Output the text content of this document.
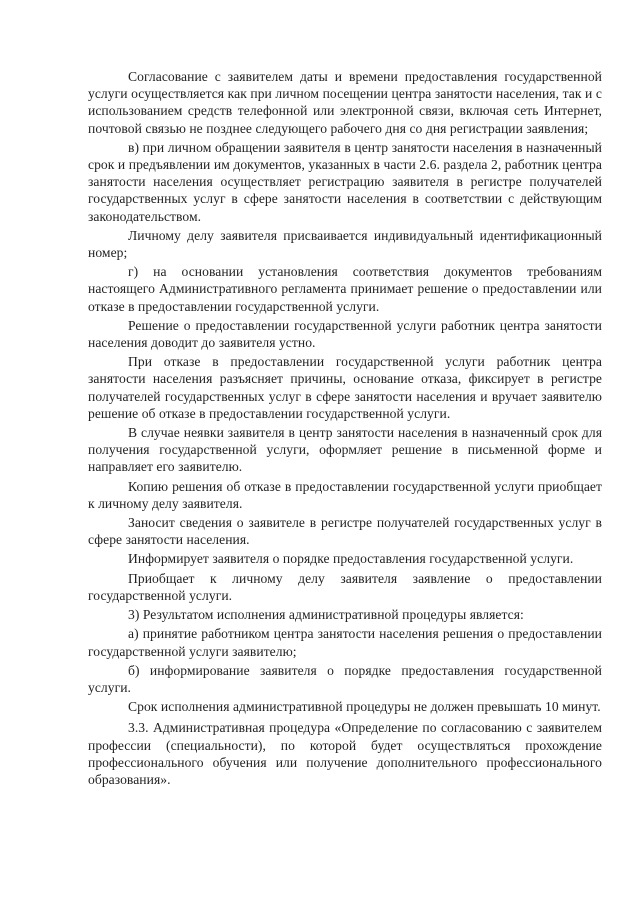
Согласование с заявителем даты и времени предоставления государственной услуги осуществляется как при личном посещении центра занятости населения, так и с использованием средств телефонной или электронной связи, включая сеть Интернет, почтовой связью не позднее следующего рабочего дня со дня регистрации заявления;

в) при личном обращении заявителя в центр занятости населения в назначенный срок и предъявлении им документов, указанных в части 2.6. раздела 2, работник центра занятости населения осуществляет регистрацию заявителя в регистре получателей государственных услуг в сфере занятости населения в соответствии с действующим законодательством.

Личному делу заявителя присваивается индивидуальный идентификационный номер;

г) на основании установления соответствия документов требованиям настоящего Административного регламента принимает решение о предоставлении или отказе в предоставлении государственной услуги.

Решение о предоставлении государственной услуги работник центра занятости населения доводит до заявителя устно.

При отказе в предоставлении государственной услуги работник центра занятости населения разъясняет причины, основание отказа, фиксирует в регистре получателей государственных услуг в сфере занятости населения и вручает заявителю решение об отказе в предоставлении государственной услуги.

В случае неявки заявителя в центр занятости населения в назначенный срок для получения государственной услуги, оформляет решение в письменной форме и направляет его заявителю.

Копию решения об отказе в предоставлении государственной услуги приобщает к личному делу заявителя.

Заносит сведения о заявителе в регистре получателей государственных услуг в сфере занятости населения.

Информирует заявителя о порядке предоставления государственной услуги.

Приобщает к личному делу заявителя заявление о предоставлении государственной услуги.

3) Результатом исполнения административной процедуры является:

а) принятие работником центра занятости населения решения о предоставлении государственной услуги заявителю;

б) информирование заявителя о порядке предоставления государственной услуги.

Срок исполнения административной процедуры не должен превышать 10 минут.

3.3. Административная процедура «Определение по согласованию с заявителем профессии (специальности), по которой будет осуществляться прохождение профессионального обучения или получение дополнительного профессионального образования».
